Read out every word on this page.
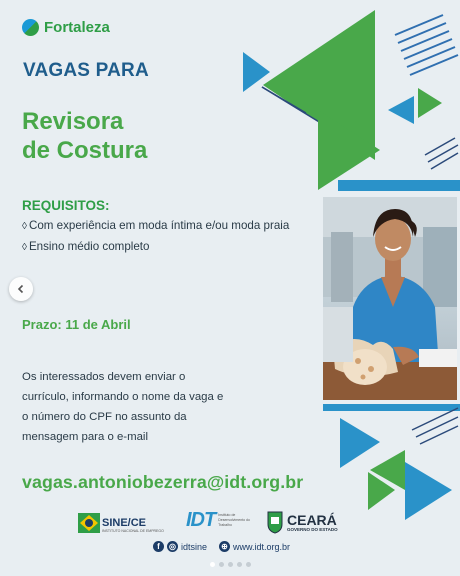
Fortaleza
VAGAS PARA
Revisora
de Costura
REQUISITOS:
◊ Com experiência em moda íntima e/ou moda praia
◊ Ensino médio completo
Prazo: 11 de Abril
Os interessados devem enviar o currículo, informando o nome da vaga e o número do CPF no assunto da mensagem para o e-mail
vagas.antoniobezerra@idt.org.br
SINE/CE
INSTITUTO NACIONAL DE EMPREGO IDT Instituto de Desenvolvimento do Trabalho	CEARÁ
GOVERNO DO ESTADO
f	◎ idtsine ⊕ www.idt.org.br
